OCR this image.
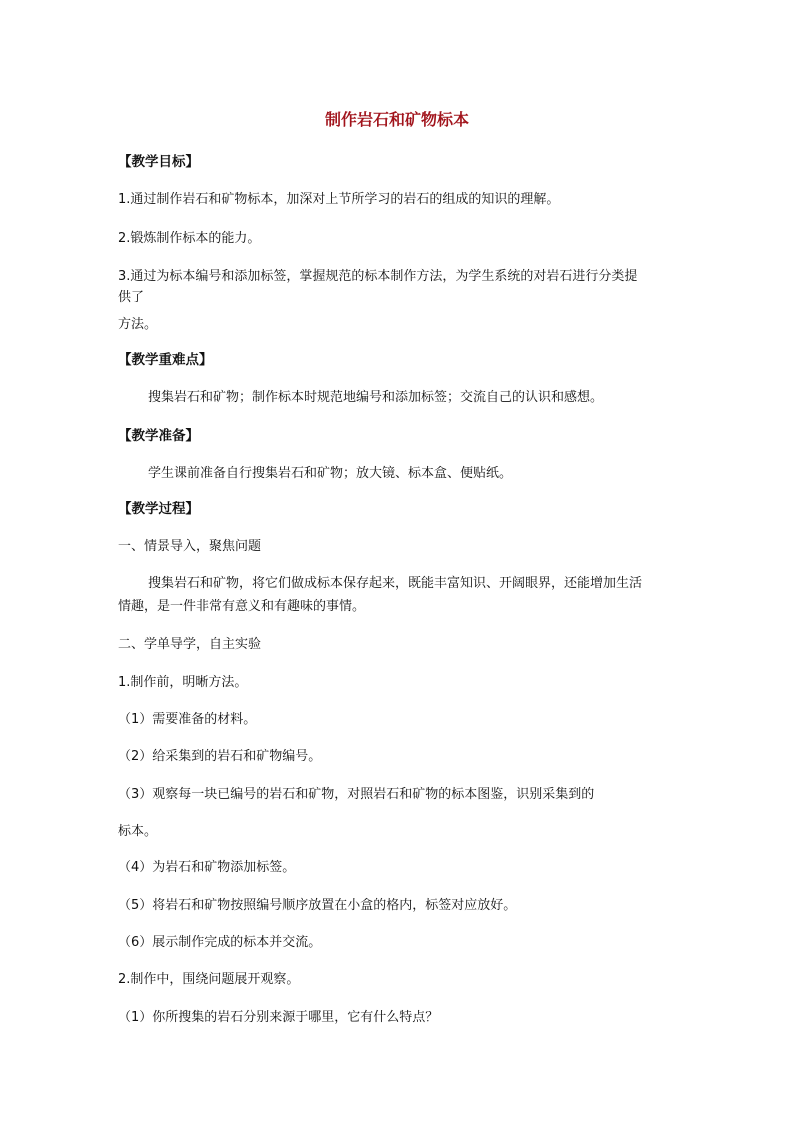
制作岩石和矿物标本
【教学目标】
1.通过制作岩石和矿物标本，加深对上节所学习的岩石的组成的知识的理解。
2.锻炼制作标本的能力。
3.通过为标本编号和添加标签，掌握规范的标本制作方法，为学生系统的对岩石进行分类提
供了
方法。
【教学重难点】
搜集岩石和矿物；制作标本时规范地编号和添加标签；交流自己的认识和感想。
【教学准备】
学生课前准备自行搜集岩石和矿物；放大镜、标本盒、便贴纸。
【教学过程】
一、情景导入，聚焦问题
搜集岩石和矿物，将它们做成标本保存起来，既能丰富知识、开阔眼界，还能增加生活
情趣，是一件非常有意义和有趣味的事情。
二、学单导学，自主实验
1.制作前，明晰方法。
（1）需要准备的材料。
（2）给采集到的岩石和矿物编号。
（3）观察每一块已编号的岩石和矿物，对照岩石和矿物的标本图鉴，识别采集到的
标本。
（4）为岩石和矿物添加标签。
（5）将岩石和矿物按照编号顺序放置在小盒的格内，标签对应放好。
（6）展示制作完成的标本并交流。
2.制作中，围绕问题展开观察。
（1）你所搜集的岩石分别来源于哪里，它有什么特点？
